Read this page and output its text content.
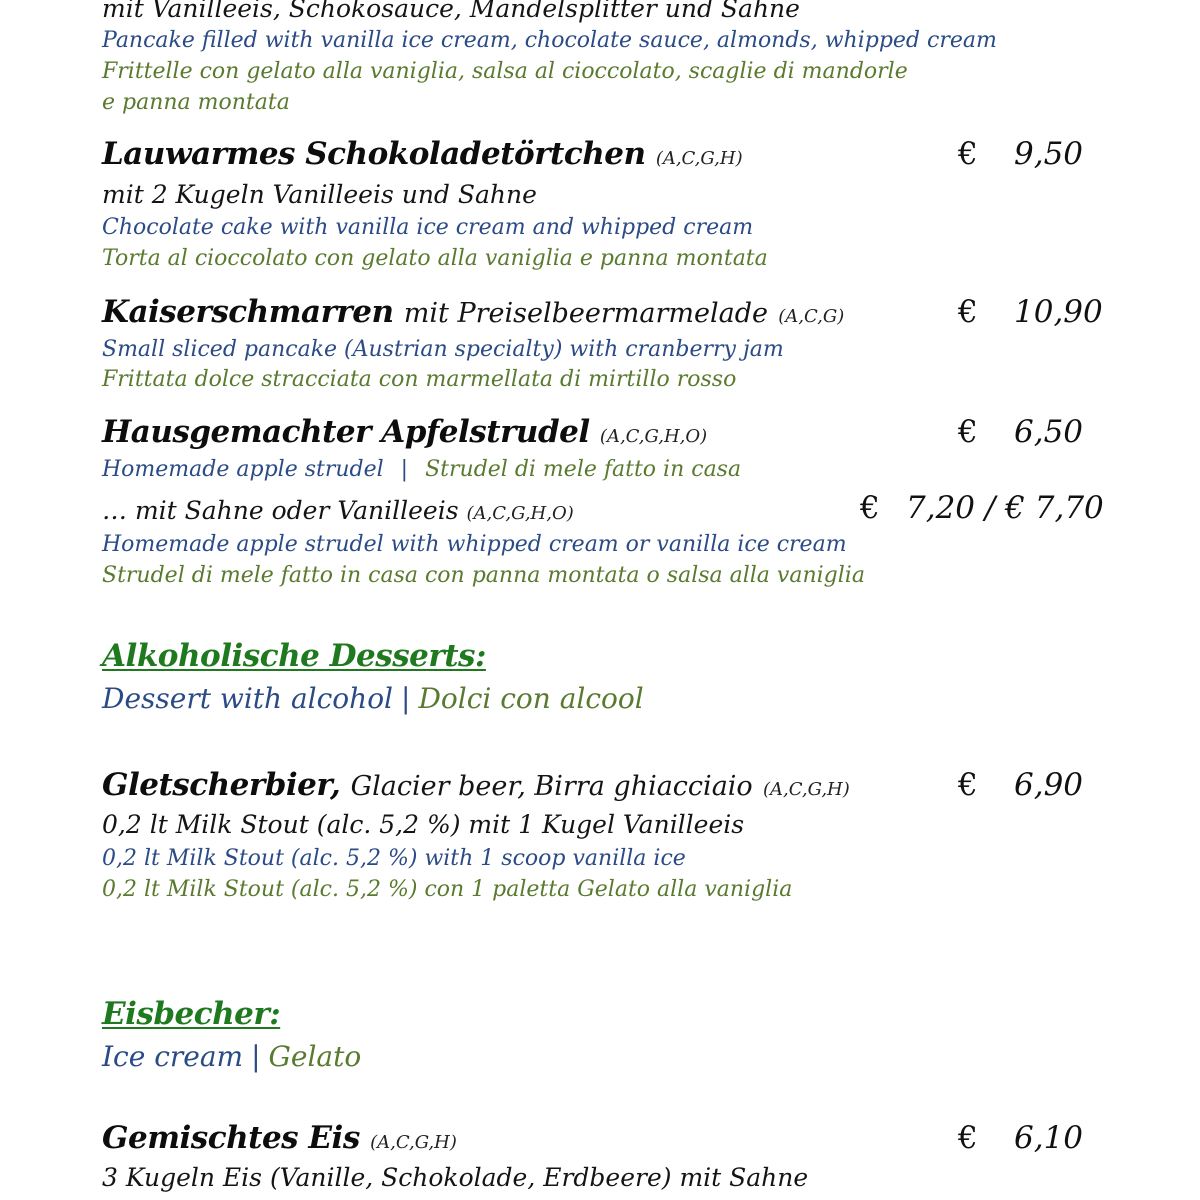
mit Vanilleeis, Schokosauce, Mandelsplitter und Sahne
Pancake filled with vanilla ice cream, chocolate sauce, almonds, whipped cream
Frittelle con gelato alla vaniglia, salsa al cioccolato, scaglie di mandorle
e panna montata
Lauwarmes Schokoladetörtchen (A,C,G,H)	€ 9,50
mit 2 Kugeln Vanilleeis und Sahne
Chocolate cake with vanilla ice cream and whipped cream
Torta al cioccolato con gelato alla vaniglia e panna montata
Kaiserschmarren mit Preiselbeermarmelade (A,C,G)	€ 10,90
Small sliced pancake (Austrian specialty) with cranberry jam
Frittata dolce stracciata con marmellata di mirtillo rosso
Hausgemachter Apfelstrudel (A,C,G,H,O)	€ 6,50
Homemade apple strudel | Strudel di mele fatto in casa
… mit Sahne oder Vanilleeis (A,C,G,H,O)	€ 7,20 / € 7,70
Homemade apple strudel with whipped cream or vanilla ice cream
Strudel di mele fatto in casa con panna montata o salsa alla vaniglia
Alkoholische Desserts:
Dessert with alcohol | Dolci con alcool
Gletscherbier, Glacier beer, Birra ghiacciaio (A,C,G,H)	€ 6,90
0,2 lt Milk Stout (alc. 5,2 %) mit 1 Kugel Vanilleeis
0,2 lt Milk Stout (alc. 5,2 %) with 1 scoop vanilla ice
0,2 lt Milk Stout (alc. 5,2 %) con 1 paletta Gelato alla vaniglia
Eisbecher:
Ice cream | Gelato
Gemischtes Eis (A,C,G,H)	€ 6,10
3 Kugeln Eis (Vanille, Schokolade, Erdbeere) mit Sahne
